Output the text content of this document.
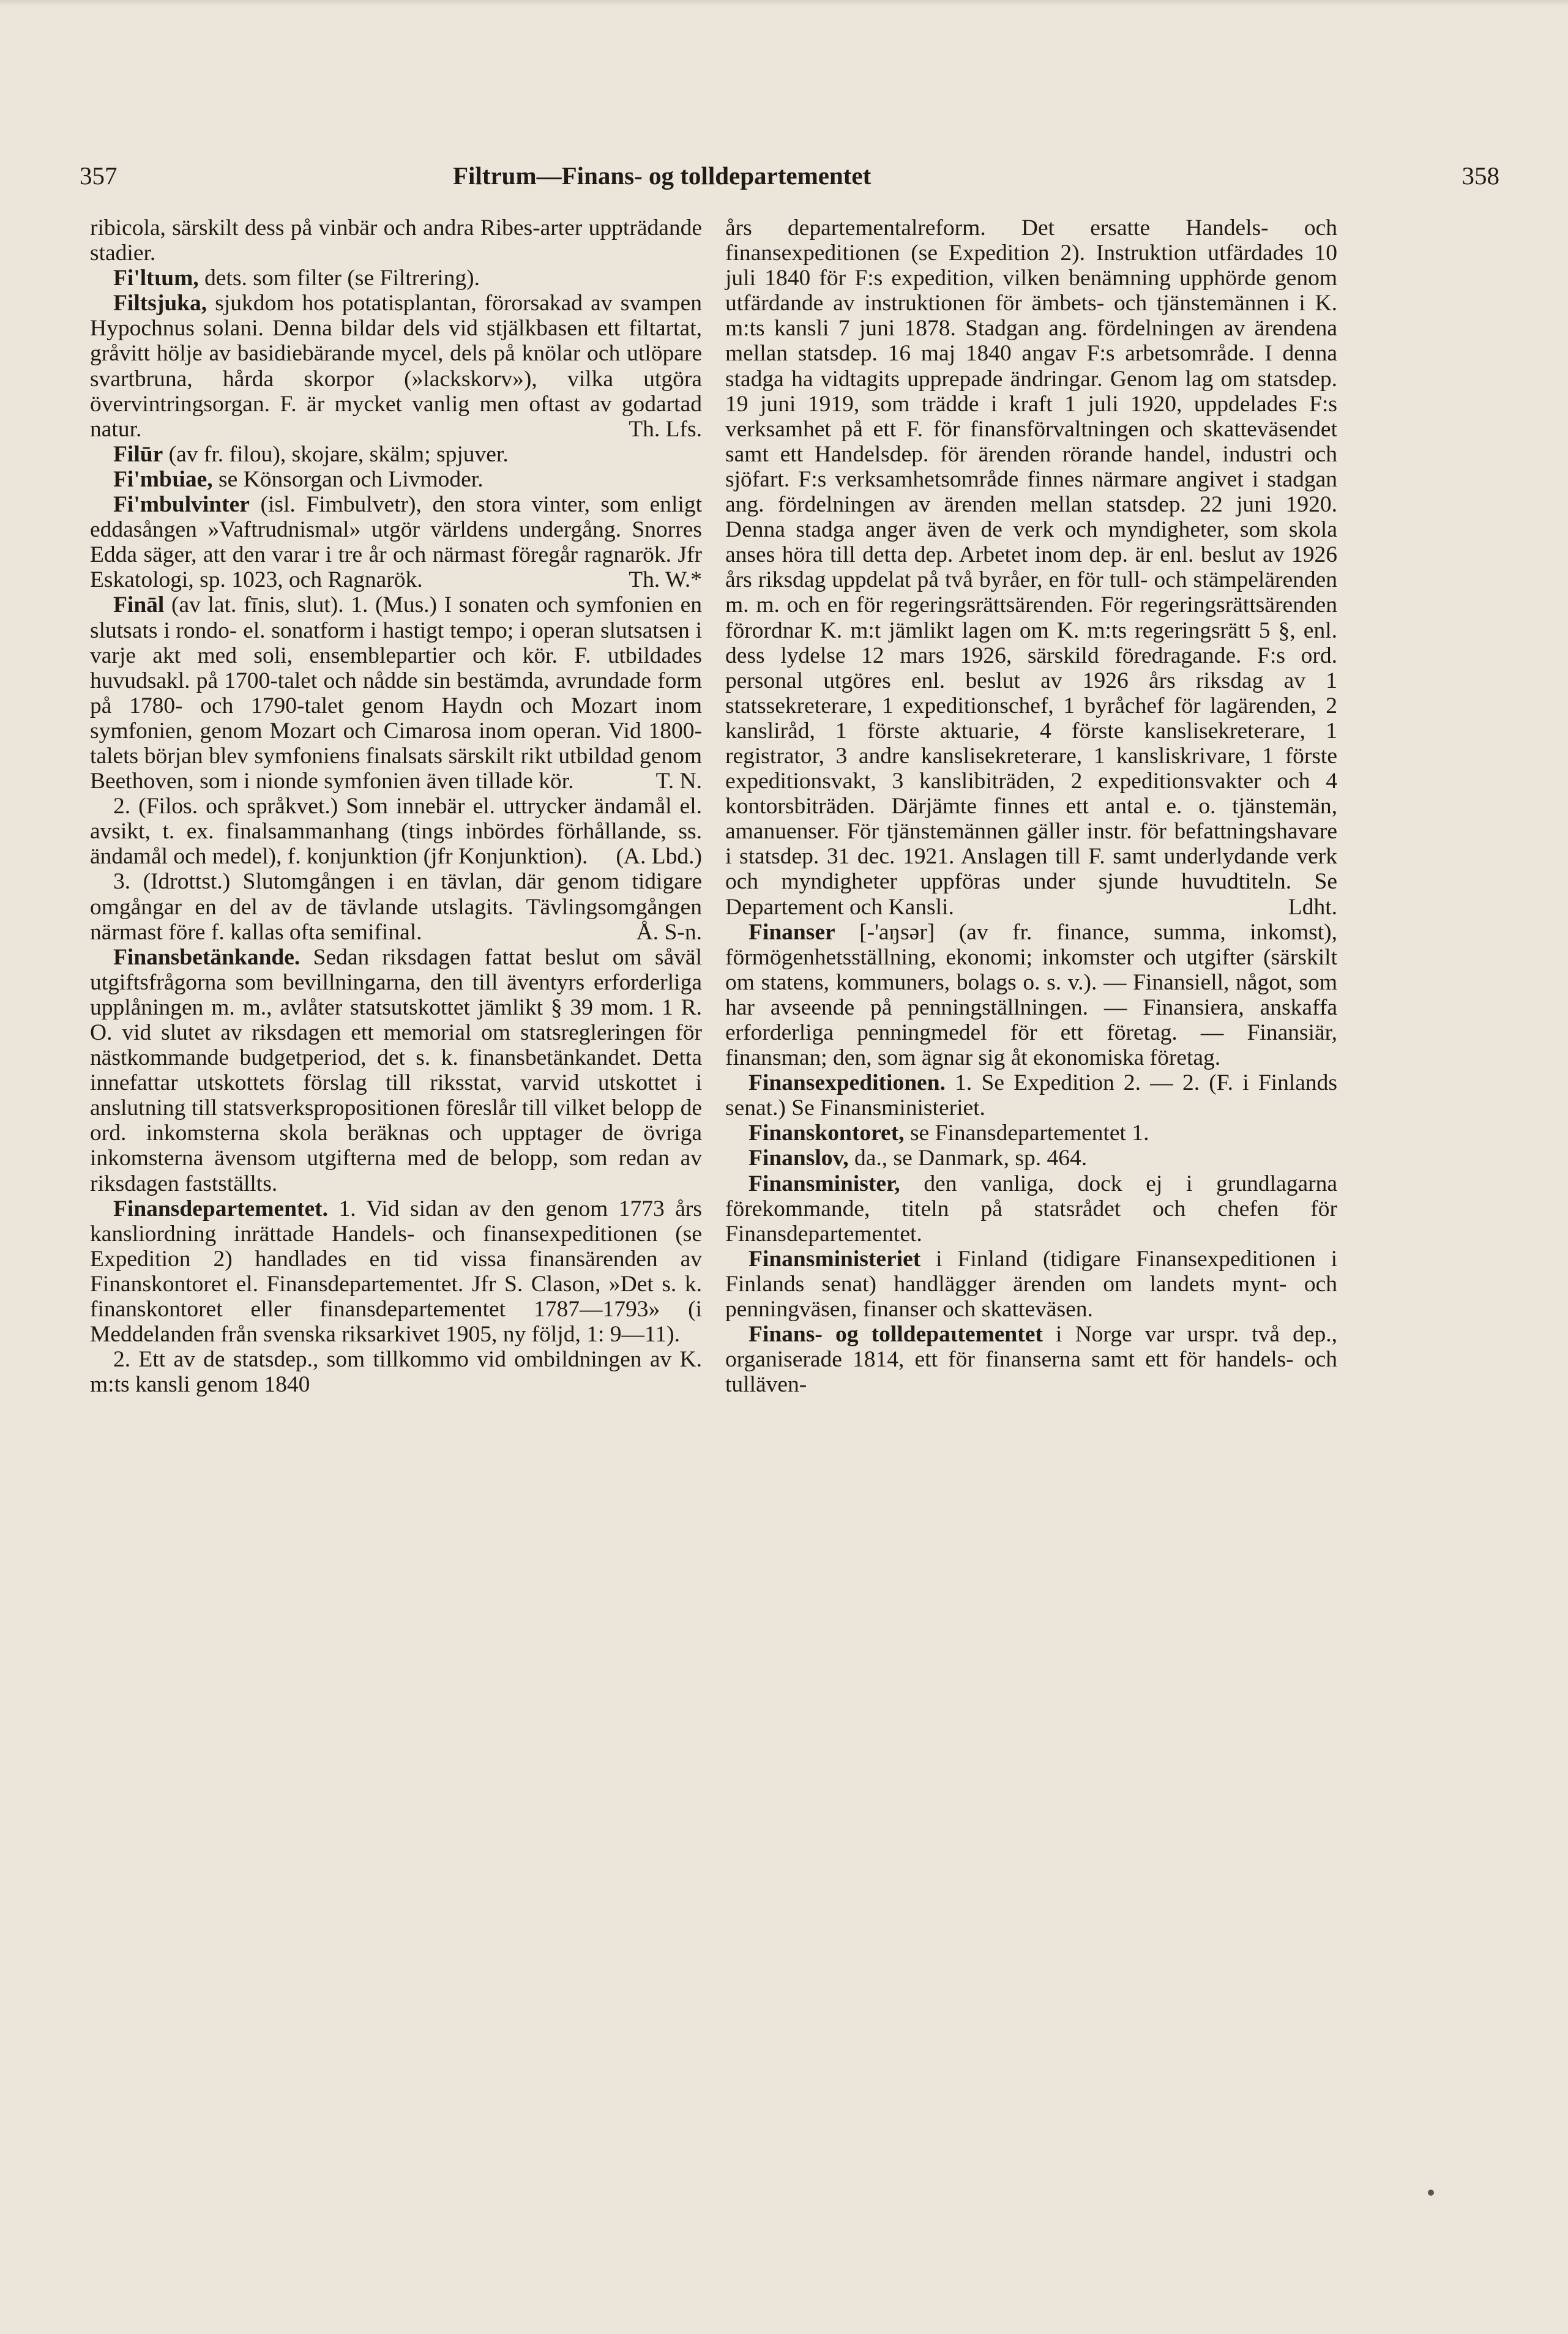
357	Filtrum—Finans- og tolldepartementet	358

ribicola, särskilt dess på vinbär och andra Ribes-arter uppträdande stadier.

Fi'ltɩum, dets. som filter (se Filtrering).

Filtsjuka, sjukdom hos potatisplantan, förorsakad av svampen Hypochnus solani. Denna bildar dels vid stjälkbasen ett filtartat, gråvitt hölje av basidiebärande mycel, dels på knölar och utlöpare svartbruna, hårda skorpor (»lackskorv»), vilka utgöra övervintringsorgan. F. är mycket vanlig men oftast av godartad natur.	Th. Lfs.

Filūr (av fr. filou), skojare, skälm; spjuver.

Fi'mbɩiae, se Könsorgan och Livmoder.

Fi'mbulvinter (isl. Fimbulvetr), den stora vinter, som enligt eddasången »Vaftrudnismal» utgör världens undergång. Snorres Edda säger, att den varar i tre år och närmast föregår ragnarök. Jfr Eskatologi, sp. 1023, och Ragnarök.	Th. W.*

Fināl (av lat. fīnis, slut). 1. (Mus.) I sonaten och symfonien en slutsats i rondo- el. sonatform i hastigt tempo; i operan slutsatsen i varje akt med soli, ensemblepartier och kör. F. utbildades huvudsakl. på 1700-talet och nådde sin bestämda, avrundade form på 1780- och 1790-talet genom Haydn och Mozart inom symfonien, genom Mozart och Cimarosa inom operan. Vid 1800-talets början blev symfoniens finalsats särskilt rikt utbildad genom Beethoven, som i nionde symfonien även tillade kör.	T. N.

2. (Filos. och språkvet.) Som innebär el. uttrycker ändamål el. avsikt, t. ex. finalsammanhang (tings inbördes förhållande, ss. ändamål och medel), f. konjunktion (jfr Konjunktion).	(A. Lbd.)

3. (Idrottst.) Slutomgången i en tävlan, där genom tidigare omgångar en del av de tävlande utslagits. Tävlingsomgången närmast före f. kallas ofta semifinal.	Å. S-n.

Finansbetänkande. Sedan riksdagen fattat beslut om såväl utgiftsfrågorna som bevillningarna, den till äventyrs erforderliga upplåningen m. m., avlåter statsutskottet jämlikt § 39 mom. 1 R. O. vid slutet av riksdagen ett memorial om statsregleringen för nästkommande budgetperiod, det s. k. finansbetänkandet. Detta innefattar utskottets förslag till riksstat, varvid utskottet i anslutning till statsverkspropositionen föreslår till vilket belopp de ord. inkomsterna skola beräknas och upptager de övriga inkomsterna ävensom utgifterna med de belopp, som redan av riksdagen fastställts.

Finansdepartementet. 1. Vid sidan av den genom 1773 års kansliordning inrättade Handels- och finansexpeditionen (se Expedition 2) handlades en tid vissa finansärenden av Finanskontoret el. Finansdepartementet. Jfr S. Clason, »Det s. k. finanskontoret eller finansdepartementet 1787—1793» (i Meddelanden från svenska riksarkivet 1905, ny följd, 1: 9—11).

2. Ett av de statsdep., som tillkommo vid ombildningen av K. m:ts kansli genom 1840

års departementalreform. Det ersatte Handels- och finansexpeditionen (se Expedition 2). Instruktion utfärdades 10 juli 1840 för F:s expedition, vilken benämning upphörde genom utfärdande av instruktionen för ämbets- och tjänstemännen i K. m:ts kansli 7 juni 1878. Stadgan ang. fördelningen av ärendena mellan statsdep. 16 maj 1840 angav F:s arbetsområde. I denna stadga ha vidtagits upprepade ändringar. Genom lag om statsdep. 19 juni 1919, som trädde i kraft 1 juli 1920, uppdelades F:s verksamhet på ett F. för finansförvaltningen och skatteväsendet samt ett Handelsdep. för ärenden rörande handel, industri och sjöfart. F:s verksamhetsområde finnes närmare angivet i stadgan ang. fördelningen av ärenden mellan statsdep. 22 juni 1920. Denna stadga anger även de verk och myndigheter, som skola anses höra till detta dep. Arbetet inom dep. är enl. beslut av 1926 års riksdag uppdelat på två byråer, en för tull- och stämpelärenden m. m. och en för regeringsrättsärenden. För regeringsrättsärenden förordnar K. m:t jämlikt lagen om K. m:ts regeringsrätt 5 §, enl. dess lydelse 12 mars 1926, särskild föredragande. F:s ord. personal utgöres enl. beslut av 1926 års riksdag av 1 statssekreterare, 1 expeditionschef, 1 byråchef för lagärenden, 2 kansliråd, 1 förste aktuarie, 4 förste kanslisekreterare, 1 registrator, 3 andre kanslisekreterare, 1 kansliskrivare, 1 förste expeditionsvakt, 3 kanslibiträden, 2 expeditionsvakter och 4 kontorsbiträden. Därjämte finnes ett antal e. o. tjänstemän, amanuenser. För tjänstemännen gäller instr. för befattningshavare i statsdep. 31 dec. 1921. Anslagen till F. samt underlydande verk och myndigheter uppföras under sjunde huvudtiteln. Se Departement och Kansli.	Ldht.

Finanser [-'aŋsər] (av fr. finance, summa, inkomst), förmögenhetsställning, ekonomi; inkomster och utgifter (särskilt om statens, kommuners, bolags o. s. v.). — Finansiell, något, som har avseende på penningställningen. — Finansiera, anskaffa erforderliga penningmedel för ett företag. — Finansiär, finansman; den, som ägnar sig åt ekonomiska företag.

Finansexpeditionen. 1. Se Expedition 2. — 2. (F. i Finlands senat.) Se Finansministeriet.

Finanskontoret, se Finansdepartementet 1.

Finanslov, da., se Danmark, sp. 464.

Finansminister, den vanliga, dock ej i grundlagarna förekommande, titeln på statsrådet och chefen för Finansdepartementet.

Finansministeriet i Finland (tidigare Finansexpeditionen i Finlands senat) handlägger ärenden om landets mynt- och penningväsen, finanser och skatteväsen.

Finans- og tolldepaɩtementet i Norge var urspr. två dep., organiserade 1814, ett för finanserna samt ett för handels- och tulläven-
